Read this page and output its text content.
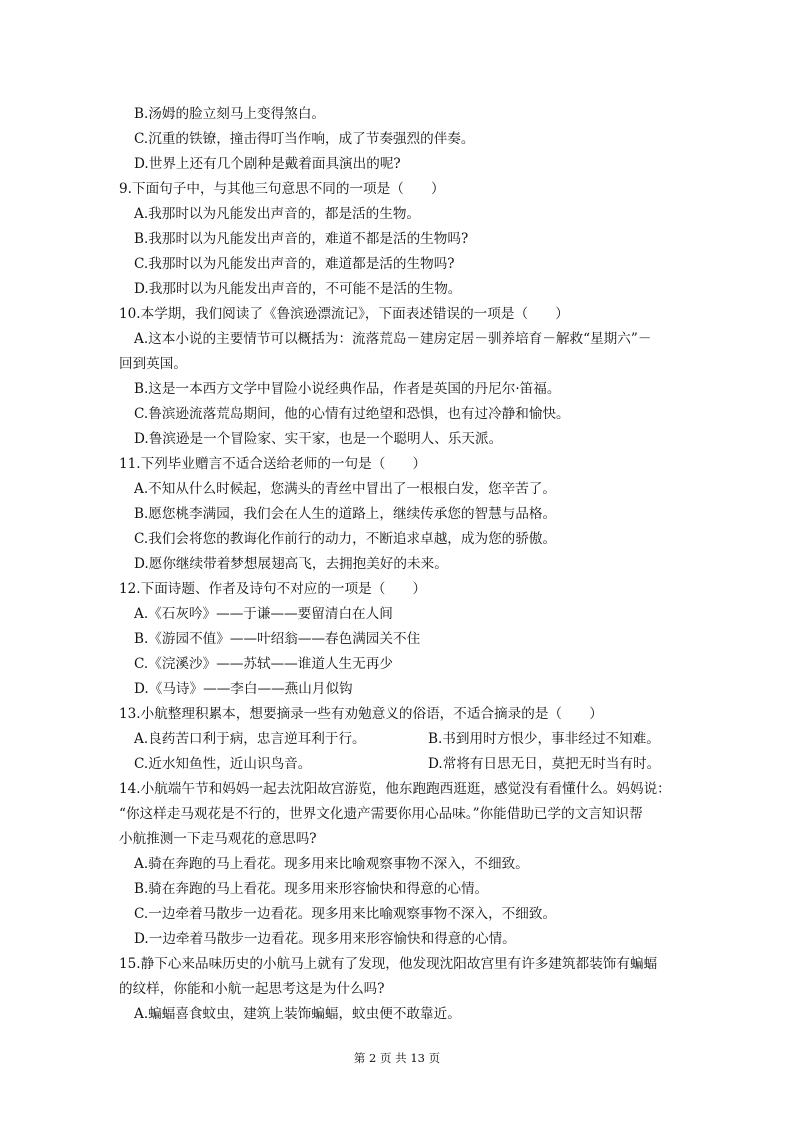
B.汤姆的脸立刻马上变得煞白。
C.沉重的铁镣，撞击得叮当作响，成了节奏强烈的伴奏。
D.世界上还有几个剧种是戴着面具演出的呢?
9.下面句子中，与其他三句意思不同的一项是（　　）
A.我那时以为凡能发出声音的，都是活的生物。
B.我那时以为凡能发出声音的，难道不都是活的生物吗?
C.我那时以为凡能发出声音的，难道都是活的生物吗?
D.我那时以为凡能发出声音的，不可能不是活的生物。
10.本学期，我们阅读了《鲁滨逊漂流记》，下面表述错误的一项是（　　）
A.这本小说的主要情节可以概括为：流落荒岛－建房定居－驯养培育－解救“星期六”－
回到英国。
B.这是一本西方文学中冒险小说经典作品，作者是英国的丹尼尔·笛福。
C.鲁滨逊流落荒岛期间，他的心情有过绝望和恐惧，也有过冷静和愉快。
D.鲁滨逊是一个冒险家、实干家，也是一个聪明人、乐天派。
11.下列毕业赠言不适合送给老师的一句是（　　）
A.不知从什么时候起，您满头的青丝中冒出了一根根白发，您辛苦了。
B.愿您桃李满园，我们会在人生的道路上，继续传承您的智慧与品格。
C.我们会将您的教诲化作前行的动力，不断追求卓越，成为您的骄傲。
D.愿你继续带着梦想展翅高飞，去拥抱美好的未来。
12.下面诗题、作者及诗句不对应的一项是（　　）
A.《石灰吟》——于谦——要留清白在人间
B.《游园不值》——叶绍翁——春色满园关不住
C.《浣溪沙》——苏轼——谁道人生无再少
D.《马诗》——李白——燕山月似钩
13.小航整理积累本，想要摘录一些有劝勉意义的俗语，不适合摘录的是（　　）
A.良药苦口利于病，忠言逆耳利于行。	B.书到用时方恨少，事非经过不知难。
C.近水知鱼性，近山识鸟音。	D.常将有日思无日，莫把无时当有时。
14.小航端午节和妈妈一起去沈阳故宫游览，他东跑跑西逛逛，感觉没有看懂什么。妈妈说：
“你这样走马观花是不行的，世界文化遗产需要你用心品味。”你能借助已学的文言知识帮
小航推测一下走马观花的意思吗?
A.骑在奔跑的马上看花。现多用来比喻观察事物不深入，不细致。
B.骑在奔跑的马上看花。现多用来形容愉快和得意的心情。
C.一边牵着马散步一边看花。现多用来比喻观察事物不深入，不细致。
D.一边牵着马散步一边看花。现多用来形容愉快和得意的心情。
15.静下心来品味历史的小航马上就有了发现，他发现沈阳故宫里有许多建筑都装饰有蝙蝠
的纹样，你能和小航一起思考这是为什么吗?
A.蝙蝠喜食蚊虫，建筑上装饰蝙蝠，蚊虫便不敢靠近。
第 2 页 共 13 页
